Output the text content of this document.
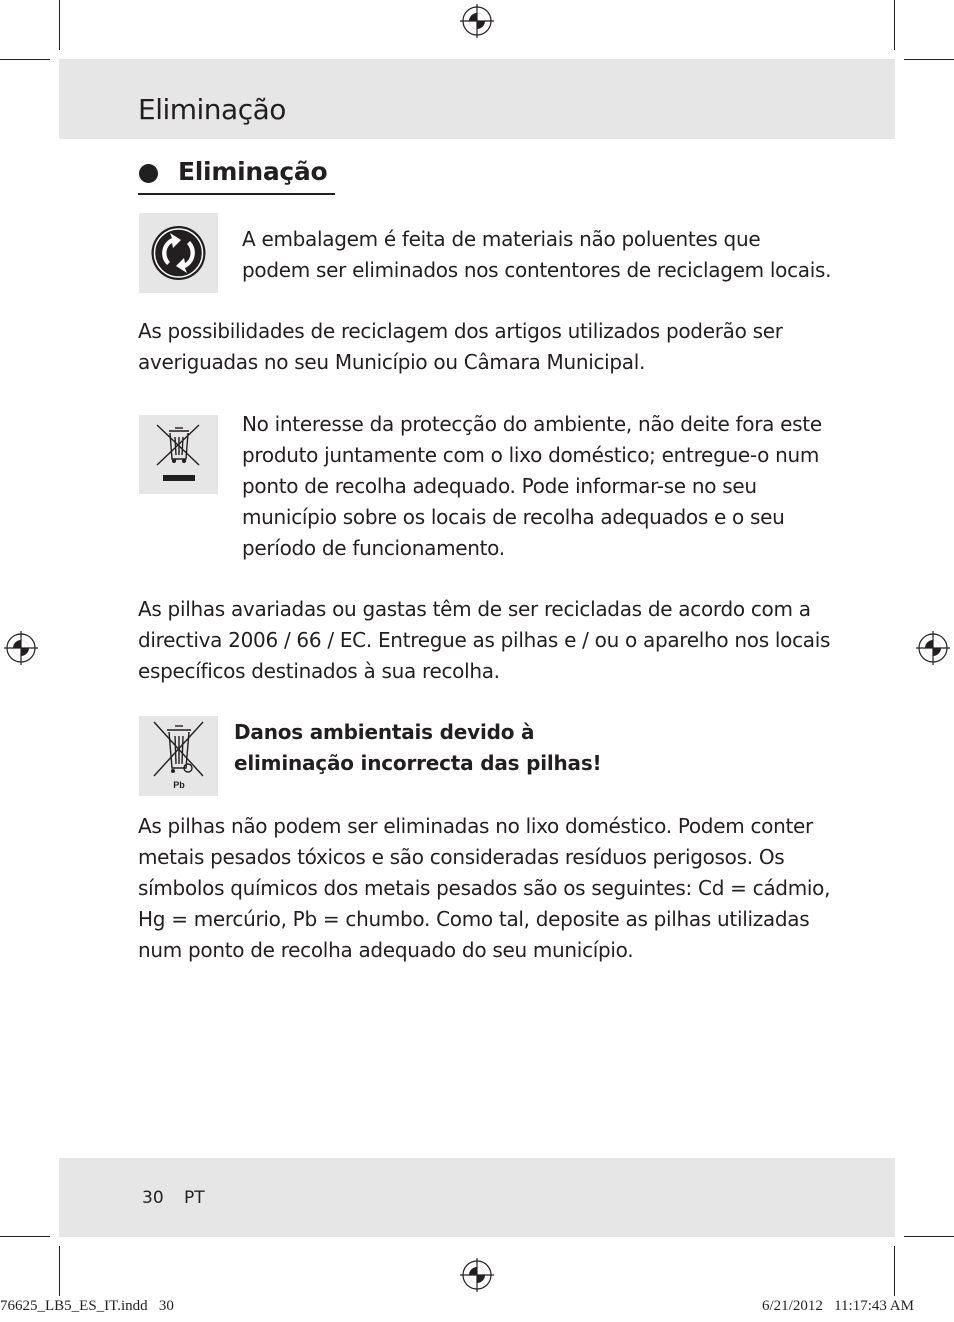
Eliminação
Eliminação
A embalagem é feita de materiais não poluentes que podem ser eliminados nos contentores de reciclagem locais.
As possibilidades de reciclagem dos artigos utilizados poderão ser averiguadas no seu Município ou Câmara Municipal.
No interesse da protecção do ambiente, não deite fora este produto juntamente com o lixo doméstico; entregue-o num ponto de recolha adequado. Pode informar-se no seu município sobre os locais de recolha adequados e o seu período de funcionamento.
As pilhas avariadas ou gastas têm de ser recicladas de acordo com a directiva 2006 / 66 / EC. Entregue as pilhas e / ou o aparelho nos locais específicos destinados à sua recolha.
Pb
Danos ambientais devido à eliminação incorrecta das pilhas!
As pilhas não podem ser eliminadas no lixo doméstico. Podem conter metais pesados tóxicos e são consideradas resíduos perigosos. Os símbolos químicos dos metais pesados são os seguintes: Cd = cádmio, Hg = mercúrio, Pb = chumbo. Como tal, deposite as pilhas utilizadas num ponto de recolha adequado do seu município.
30 PT
76625_LB5_ES_IT.indd   30	6/21/2012   11:17:43 AM
